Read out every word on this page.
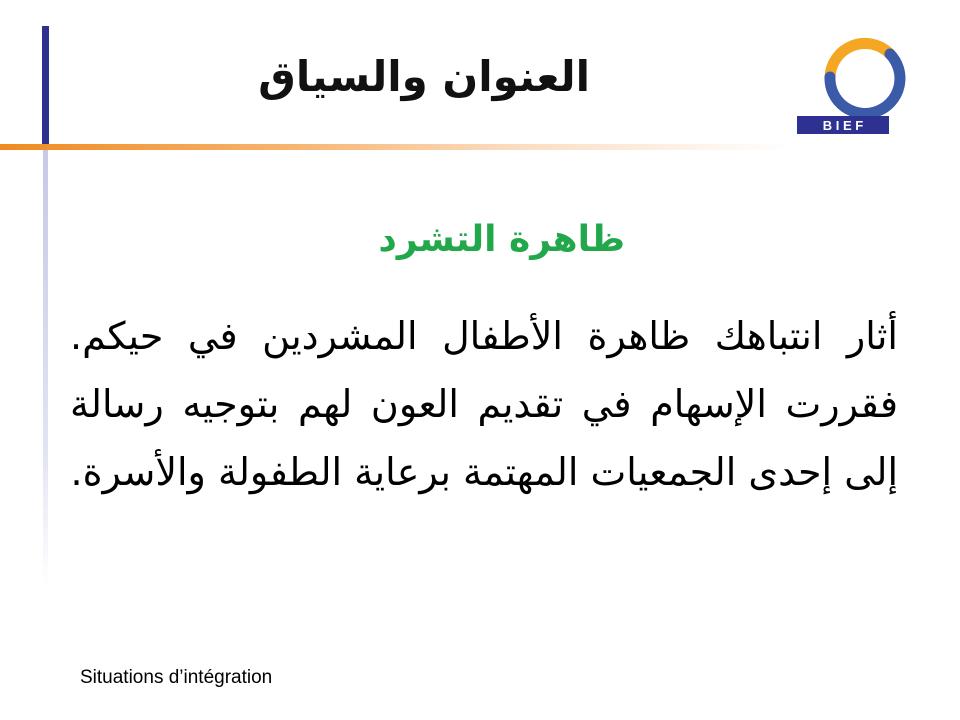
العنوان والسياق
B I E F
ظاهرة التشرد

أثار انتباهك ظاهرة الأطفال المشردين في حيكم. فقررت الإسهام في تقديم العون لهم بتوجيه رسالة إلى إحدى الجمعيات المهتمة برعاية الطفولة والأسرة.

Situations d’intégration
